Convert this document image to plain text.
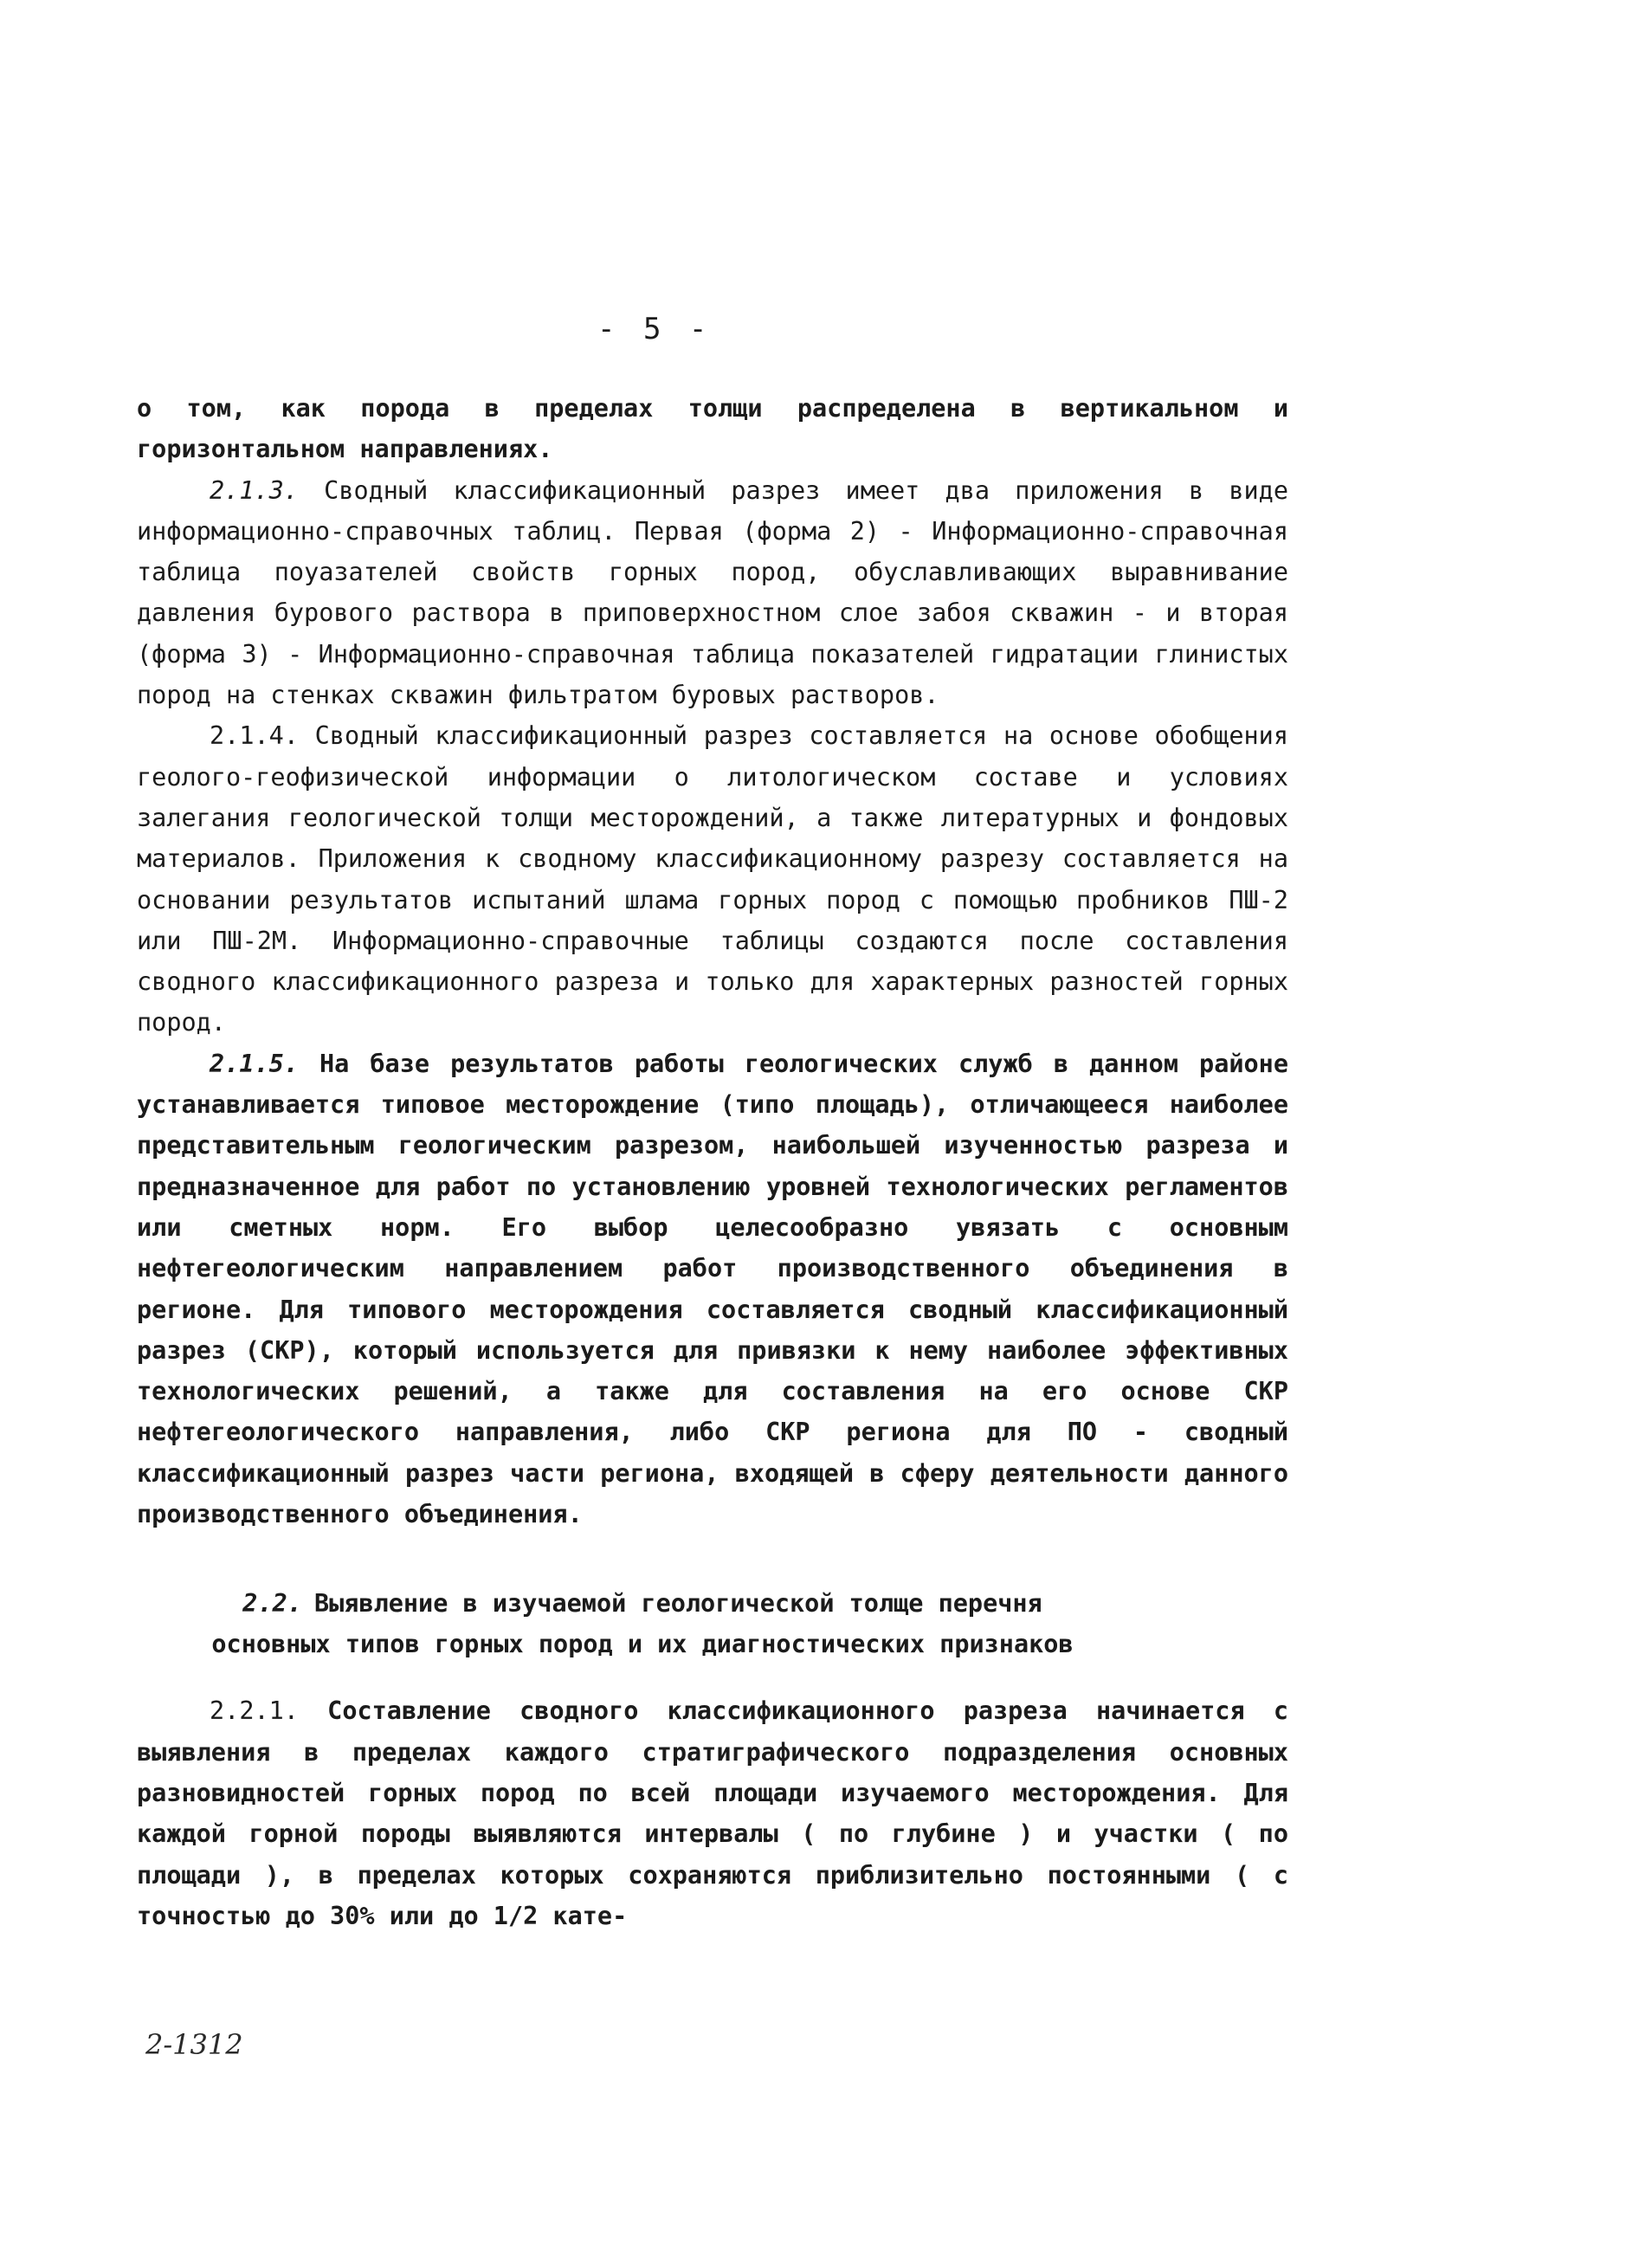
- 5 -

о том, как порода в пределах толщи распределена в вертикальном и горизонтальном направлениях.

2.1.3. Сводный классификационный разрез имеет два приложения в виде информационно-справочных таблиц. Первая (форма 2) - Информационно-справочная таблица поуазателей свойств горных пород, обуславливающих выравнивание давления бурового раствора в приповерхностном слое забоя скважин - и вторая (форма 3) - Информационно-справочная таблица показателей гидратации глинистых пород на стенках скважин фильтратом буровых растворов.

2.1.4. Сводный классификационный разрез составляется на основе обобщения геолого-геофизической информации о литологическом составе и условиях залегания геологической толщи месторождений, а также литературных и фондовых материалов. Приложения к сводному классификационному разрезу составляется на основании результатов испытаний шлама горных пород с помощью пробников ПШ-2 или ПШ-2М. Информационно-справочные таблицы создаются после составления сводного классификационного разреза и только для характерных разностей горных пород.

2.1.5. На базе результатов работы геологических служб в данном районе устанавливается типовое месторождение (типо площадь), отличающееся наиболее представительным геологическим разрезом, наибольшей изученностью разреза и предназначенное для работ по установлению уровней технологических регламентов или сметных норм. Его выбор целесообразно увязать с основным нефтегеологическим направлением работ производственного объединения в регионе. Для типового месторождения составляется сводный классификационный разрез (СКР), который используется для привязки к нему наиболее эффективных технологических решений, а также для составления на его основе СКР нефтегеологического направления, либо СКР региона для ПО - сводный классификационный разрез части региона, входящей в сферу деятельности данного производственного объединения.

2.2. Выявление в изучаемой геологической толще перечня основных типов горных пород и их диагностических признаков

2.2.1. Составление сводного классификационного разреза начинается с выявления в пределах каждого стратиграфического подразделения основных разновидностей горных пород по всей площади изучаемого месторождения. Для каждой горной породы выявляются интервалы ( по глубине ) и участки ( по площади ), в пределах которых сохраняются приблизительно постоянными ( с точностью до 30% или до 1/2 кате-

2-1312
